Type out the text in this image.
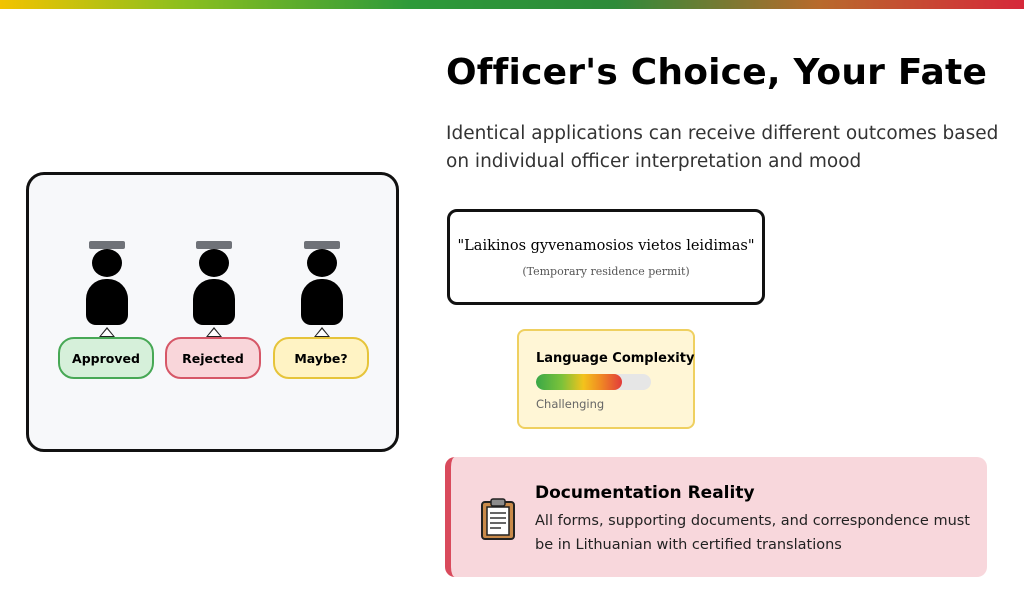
Approved	Rejected	Maybe?
Officer's Choice, Your Fate

Identical applications can receive different outcomes based on individual officer interpretation and mood

"Laikinos gyvenamosios vietos leidimas"
(Temporary residence permit)
Language Complexity
Challenging
Documentation Reality
All forms, supporting documents, and correspondence must be in Lithuanian with certified translations
